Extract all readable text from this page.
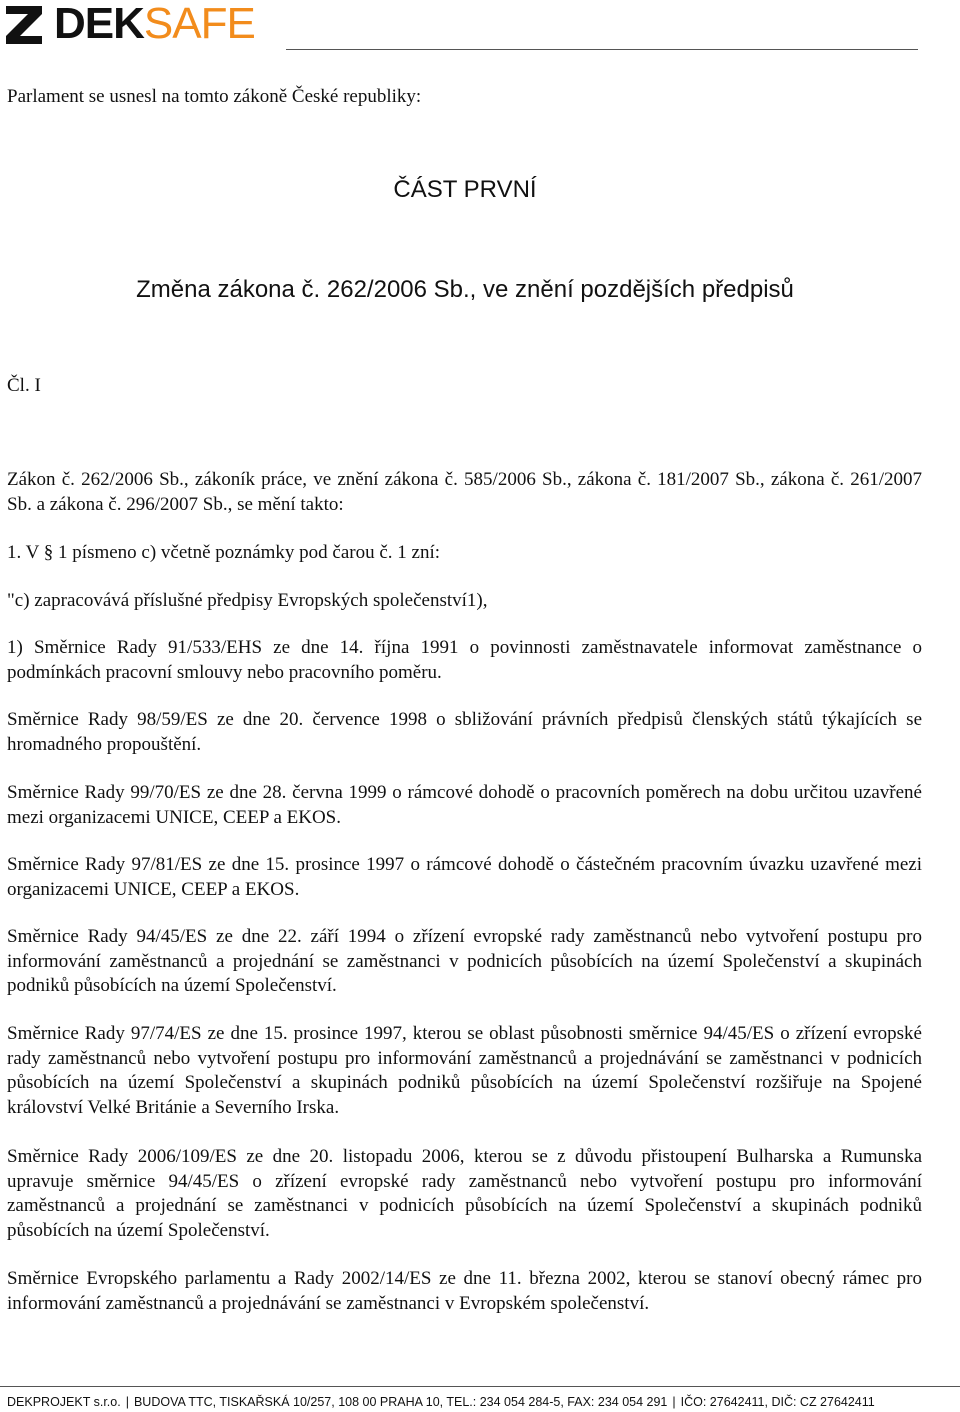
DEKSAFE
Parlament se usnesl na tomto zákoně České republiky:
ČÁST PRVNÍ
Změna zákona č. 262/2006 Sb., ve znění pozdějších předpisů
Čl. I
Zákon č. 262/2006 Sb., zákoník práce, ve znění zákona č. 585/2006 Sb., zákona č. 181/2007 Sb., zákona č. 261/2007 Sb. a zákona č. 296/2007 Sb., se mění takto:
1. V § 1 písmeno c) včetně poznámky pod čarou č. 1 zní:
"c) zapracovává příslušné předpisy Evropských společenství1),
1) Směrnice Rady 91/533/EHS ze dne 14. října 1991 o povinnosti zaměstnavatele informovat zaměstnance o podmínkách pracovní smlouvy nebo pracovního poměru.
Směrnice Rady 98/59/ES ze dne 20. července 1998 o sbližování právních předpisů členských států týkajících se hromadného propouštění.
Směrnice Rady 99/70/ES ze dne 28. června 1999 o rámcové dohodě o pracovních poměrech na dobu určitou uzavřené mezi organizacemi UNICE, CEEP a EKOS.
Směrnice Rady 97/81/ES ze dne 15. prosince 1997 o rámcové dohodě o částečném pracovním úvazku uzavřené mezi organizacemi UNICE, CEEP a EKOS.
Směrnice Rady 94/45/ES ze dne 22. září 1994 o zřízení evropské rady zaměstnanců nebo vytvoření postupu pro informování zaměstnanců a projednání se zaměstnanci v podnicích působících na území Společenství a skupinách podniků působících na území Společenství.
Směrnice Rady 97/74/ES ze dne 15. prosince 1997, kterou se oblast působnosti směrnice 94/45/ES o zřízení evropské rady zaměstnanců nebo vytvoření postupu pro informování zaměstnanců a projednávání se zaměstnanci v podnicích působících na území Společenství a skupinách podniků působících na území Společenství rozšiřuje na Spojené království Velké Británie a Severního Irska.
Směrnice Rady 2006/109/ES ze dne 20. listopadu 2006, kterou se z důvodu přistoupení Bulharska a Rumunska upravuje směrnice 94/45/ES o zřízení evropské rady zaměstnanců nebo vytvoření postupu pro informování zaměstnanců a projednání se zaměstnanci v podnicích působících na území Společenství a skupinách podniků působících na území Společenství.
Směrnice Evropského parlamentu a Rady 2002/14/ES ze dne 11. března 2002, kterou se stanoví obecný rámec pro informování zaměstnanců a projednávání se zaměstnanci v Evropském společenství.
DEKPROJEKT s.r.o. | BUDOVA TTC, TISKAŘSKÁ 10/257, 108 00 PRAHA 10, TEL.: 234 054 284-5, FAX: 234 054 291 | IČO: 27642411, DIČ: CZ 27642411
